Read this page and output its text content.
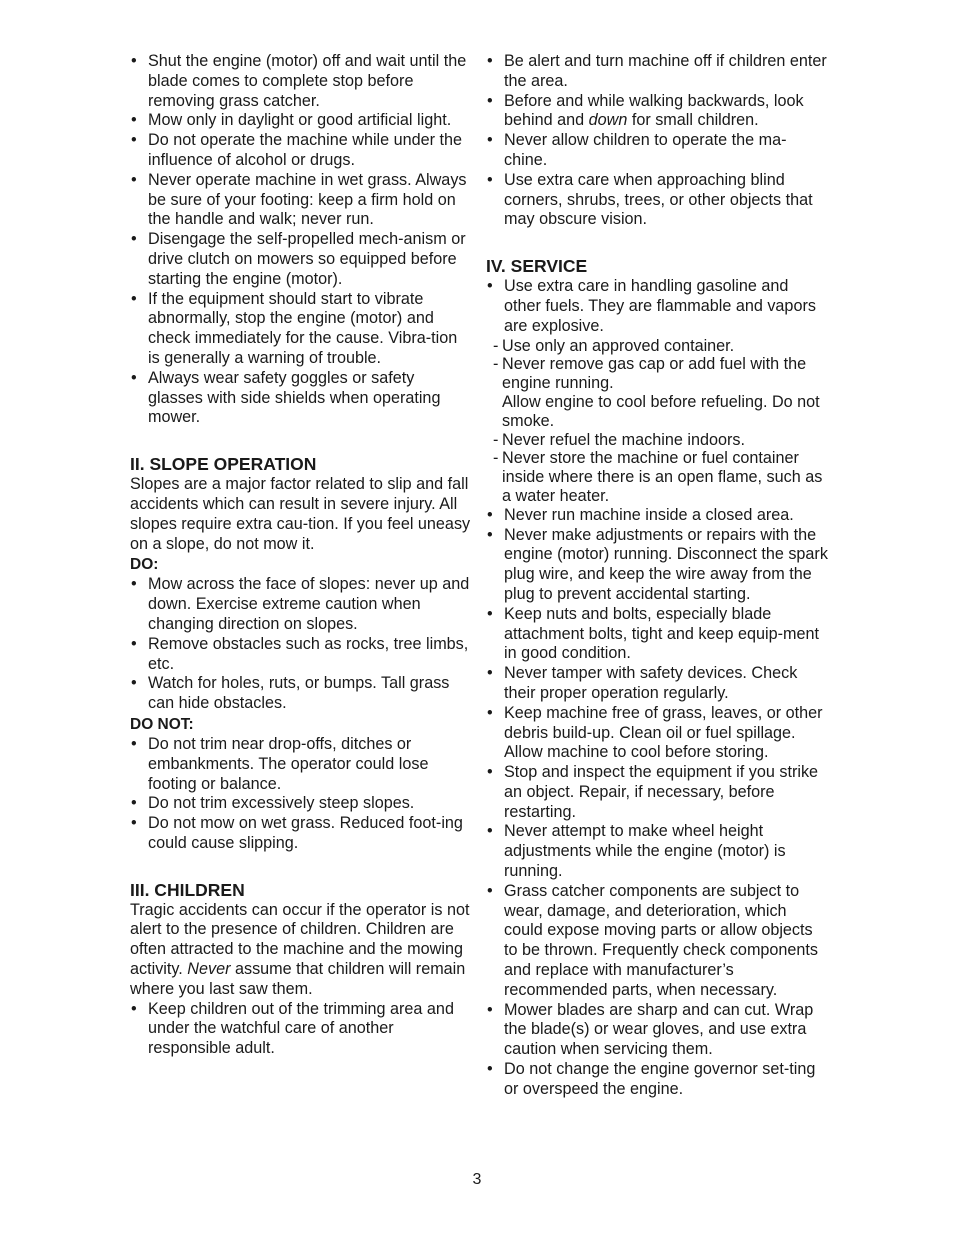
• Shut the engine (motor) off and wait until the blade comes to complete stop before removing grass catcher.
• Mow only in daylight or good artificial light.
• Do not operate the machine while under the influence of alcohol or drugs.
• Never operate machine in wet grass. Always be sure of your footing: keep a firm hold on the handle and walk; never run.
• Disengage the self-propelled mech-anism or drive clutch on mowers so equipped before starting the engine (motor).
• If the equipment should start to vibrate abnormally, stop the engine (motor) and check immediately for the cause. Vibra-tion is generally a warning of trouble.
• Always wear safety goggles or safety glasses with side shields when operating mower.
II. SLOPE OPERATION

Slopes are a major factor related to slip and fall accidents which can result in severe injury. All slopes require extra cau-tion. If you feel uneasy on a slope, do not mow it.

DO:

• Mow across the face of slopes: never up and down. Exercise extreme caution when changing direction on slopes.
• Remove obstacles such as rocks, tree limbs, etc.
• Watch for holes, ruts, or bumps. Tall grass can hide obstacles.

DO NOT:

• Do not trim near drop-offs, ditches or embankments. The operator could lose footing or balance.
• Do not trim excessively steep slopes.
• Do not mow on wet grass. Reduced foot-ing could cause slipping.
III. CHILDREN

Tragic accidents can occur if the operator is not alert to the presence of children. Children are often attracted to the machine and the mowing activity. Never assume that children will remain where you last saw them.

• Keep children out of the trimming area and under the watchful care of another responsible adult.
• Be alert and turn machine off if children enter the area.
• Before and while walking backwards, look behind and down for small children.
• Never allow children to operate the ma-chine.
• Use extra care when approaching blind corners, shrubs, trees, or other objects that may obscure vision.
IV. SERVICE
• Use extra care in handling gasoline and other fuels. They are flammable and vapors are explosive.
- Use only an approved container.
- Never remove gas cap or add fuel with the engine running.
Allow engine to cool before refueling. Do not smoke.
- Never refuel the machine indoors.
- Never store the machine or fuel container inside where there is an open flame, such as a water heater.
• Never run machine inside a closed area.
• Never make adjustments or repairs with the engine (motor) running. Disconnect the spark plug wire, and keep the wire away from the plug to prevent accidental starting.
• Keep nuts and bolts, especially blade attachment bolts, tight and keep equip-ment in good condition.
• Never tamper with safety devices. Check their proper operation regularly.
• Keep machine free of grass, leaves, or other debris build-up. Clean oil or fuel spillage. Allow machine to cool before storing.
• Stop and inspect the equipment if you strike an object. Repair, if necessary, before restarting.
• Never attempt to make wheel height adjustments while the engine (motor) is running.
• Grass catcher components are subject to wear, damage, and deterioration, which could expose moving parts or allow objects to be thrown. Frequently check components and replace with manufacturer’s recommended parts, when necessary.
• Mower blades are sharp and can cut. Wrap the blade(s) or wear gloves, and use extra caution when servicing them.
• Do not change the engine governor set-ting or overspeed the engine.
3
